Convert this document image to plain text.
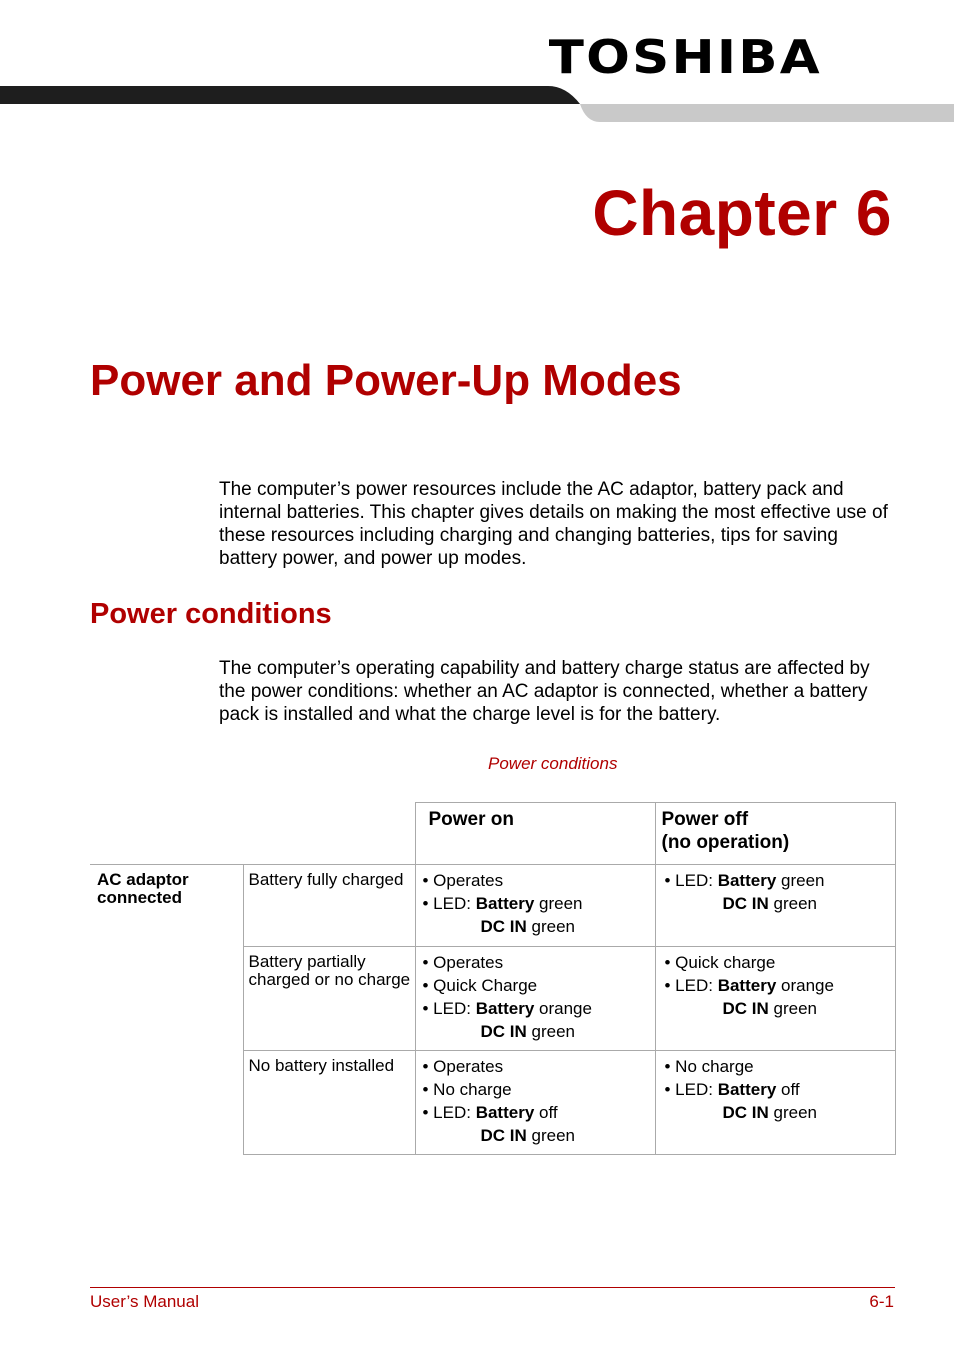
TOSHIBA
Chapter 6
Power and Power-Up Modes
The computer’s power resources include the AC adaptor, battery pack and internal batteries. This chapter gives details on making the most effective use of these resources including charging and changing batteries, tips for saving battery power, and power up modes.
Power conditions
The computer’s operating capability and battery charge status are affected by the power conditions: whether an AC adaptor is connected, whether a battery pack is installed and what the charge level is for the battery.
Power conditions

		Power on	Power off
(no operation)

AC adaptor connected	Battery fully charged	• Operates
• LED: Battery green
DC IN green	• LED: Battery green
DC IN green

	Battery partially charged or no charge	• Operates
• Quick Charge
• LED: Battery orange
DC IN green	• Quick charge
• LED: Battery orange
DC IN green

	No battery installed	• Operates
• No charge
• LED: Battery off
DC IN green	• No charge
• LED: Battery off
DC IN green
User’s Manual	6-1
